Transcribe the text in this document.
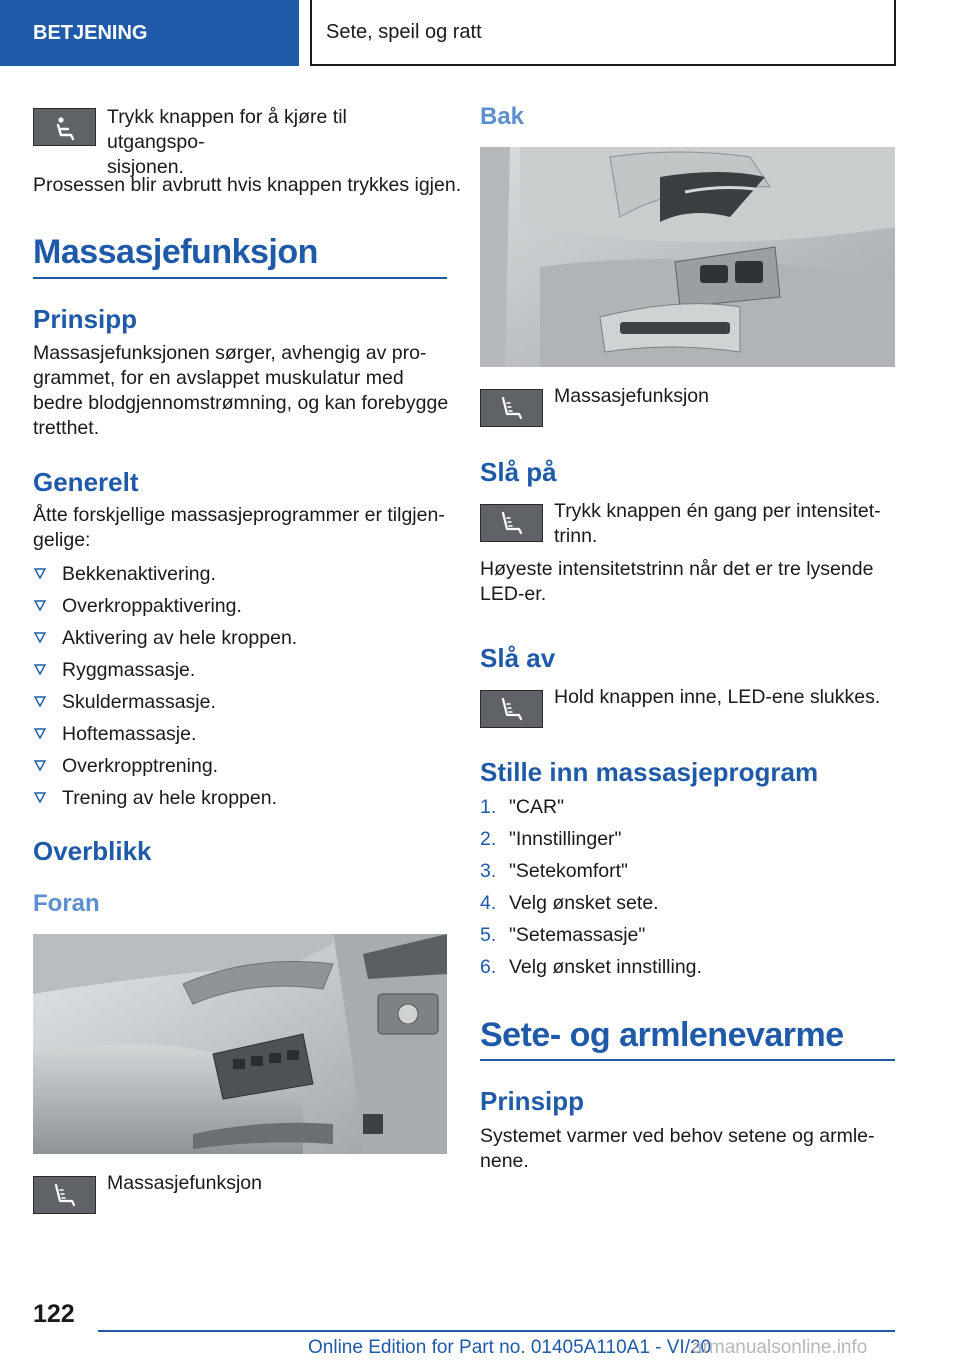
BETJENING	Sete, speil og ratt
Trykk knappen for å kjøre til utgangspo-
sisjonen.
Prosessen blir avbrutt hvis knappen trykkes igjen.
Massasjefunksjon
Prinsipp
Massasjefunksjonen sørger, avhengig av pro-
grammet, for en avslappet muskulatur med
bedre blodgjennomstrømning, og kan forebygge
tretthet.
Generelt
Åtte forskjellige massasjeprogrammer er tilgjen-
gelige:
Bekkenaktivering.
Overkroppaktivering.
Aktivering av hele kroppen.
Ryggmassasje.
Skuldermassasje.
Hoftemassasje.
Overkropptrening.
Trening av hele kroppen.
Overblikk
Foran
Massasjefunksjon
Bak
Massasjefunksjon
Slå på
Trykk knappen én gang per intensitet-
trinn.
Høyeste intensitetstrinn når det er tre lysende
LED-er.
Slå av
Hold knappen inne, LED-ene slukkes.
Stille inn massasjeprogram
1. "CAR"
2. "Innstillinger"
3. "Setekomfort"
4. Velg ønsket sete.
5. "Setemassasje"
6. Velg ønsket innstilling.
Sete- og armlenevarme
Prinsipp
Systemet varmer ved behov setene og armle-
nene.
122
Online Edition for Part no. 01405A110A1 - VI/20
armanualsonline.info
